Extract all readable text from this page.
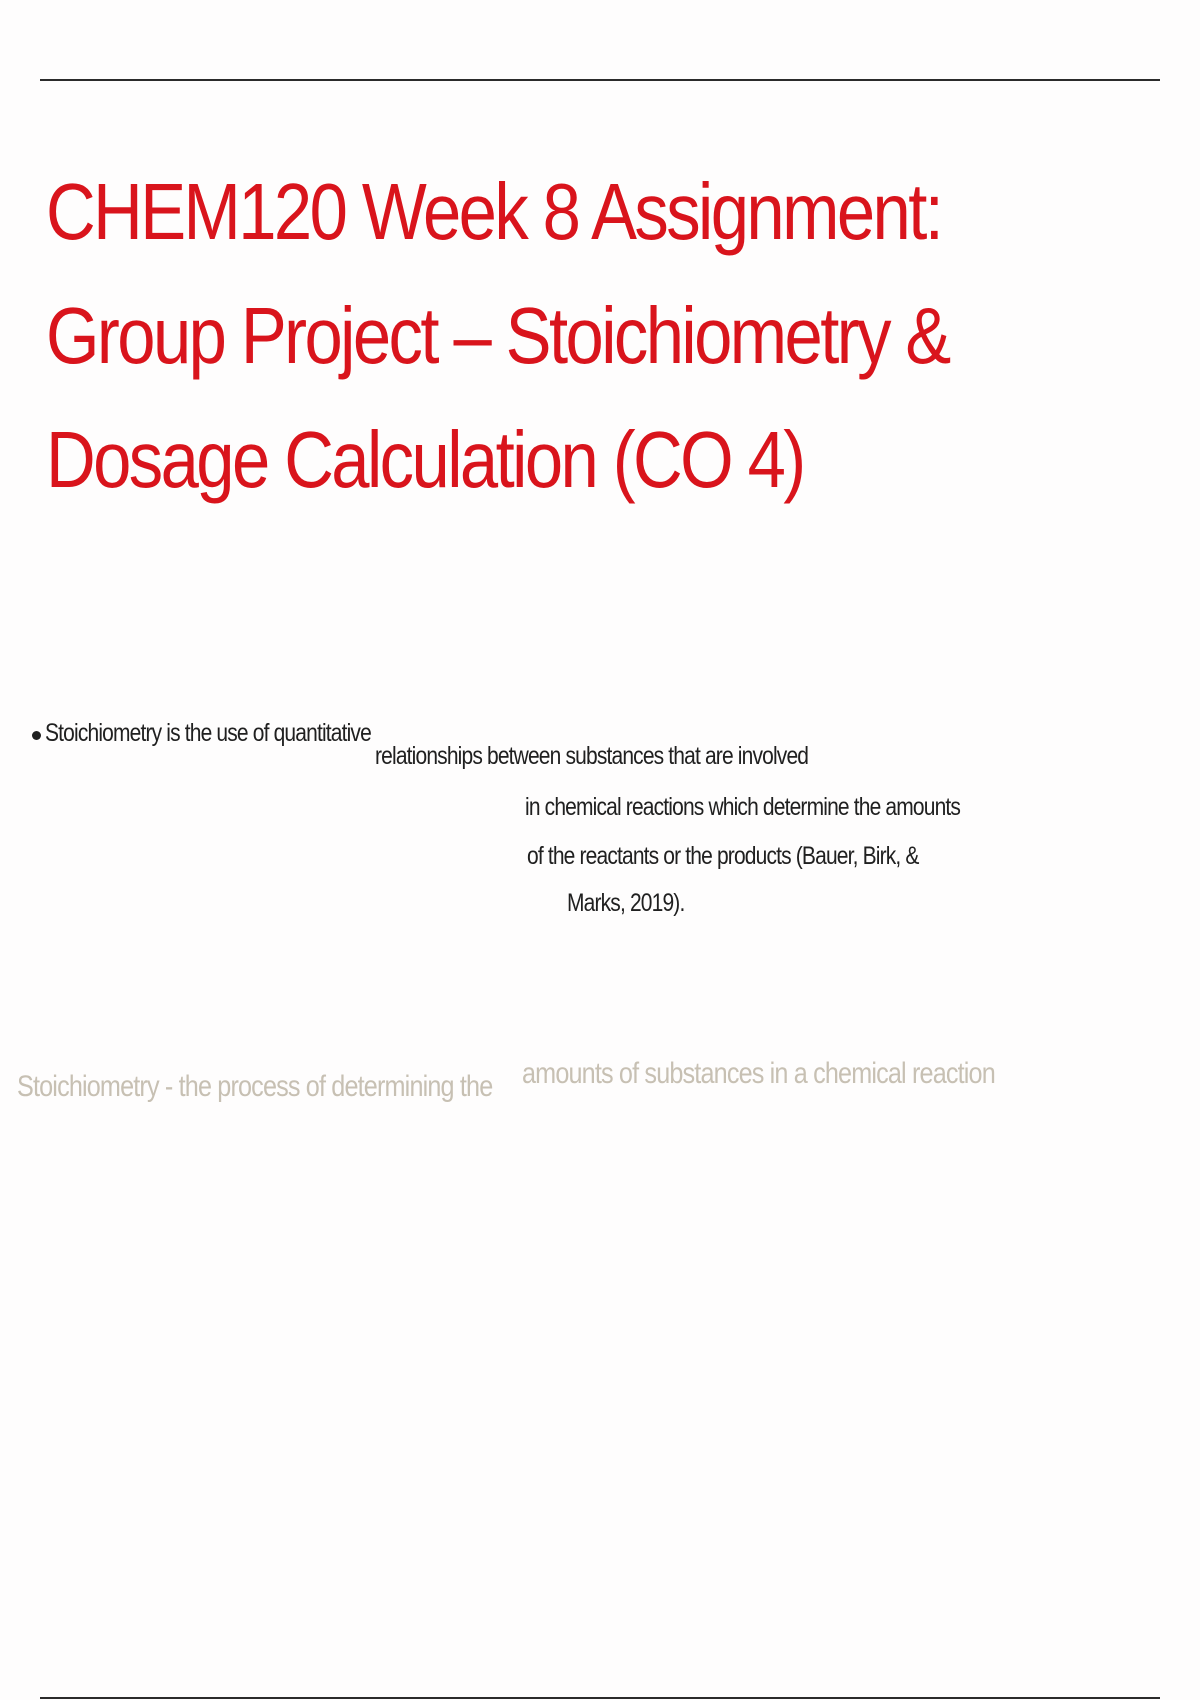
CHEM120 Week 8 Assignment:
Group Project – Stoichiometry &
Dosage Calculation (CO 4)
Stoichiometry is the use of quantitative
relationships between substances that are involved
in chemical reactions which determine the amounts
of the reactants or the products (Bauer, Birk, &
Marks, 2019).
Stoichiometry - the process of determining the amounts of substances in a chemical reaction
